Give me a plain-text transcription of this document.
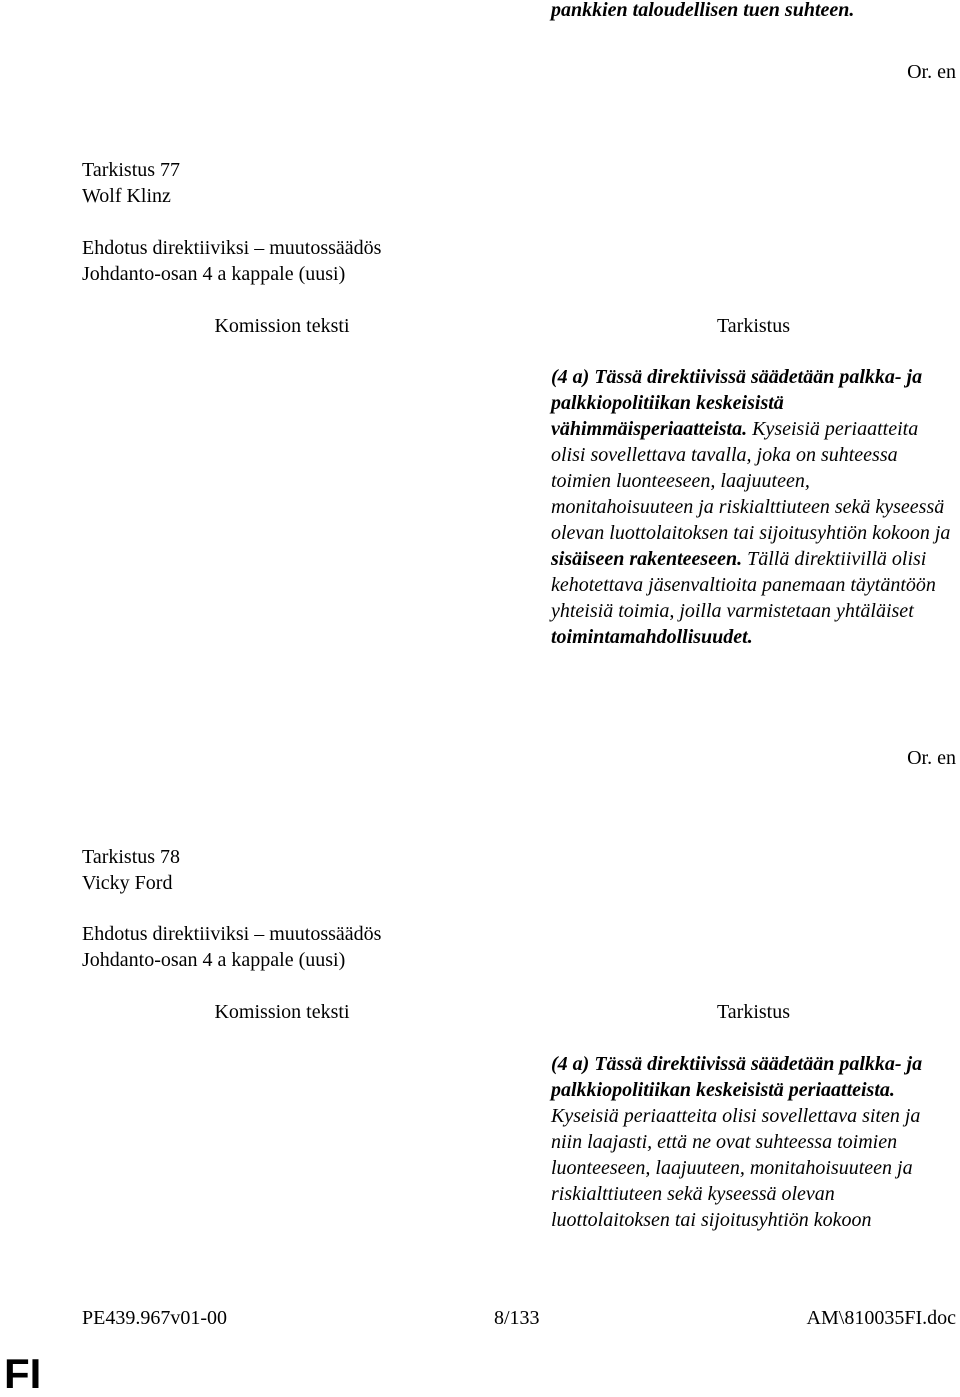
pankkien taloudellisen tuen suhteen.
Or. en
Tarkistus 77
Wolf Klinz
Ehdotus direktiiviksi – muutossäädös
Johdanto-osan 4 a kappale (uusi)
Komission teksti	Tarkistus

(4 a) Tässä direktiivissä säädetään palkka- ja palkkiopolitiikan keskeisistä vähimmäisperiaatteista. Kyseisiä periaatteita olisi sovellettava tavalla, joka on suhteessa toimien luonteeseen, laajuuteen, monitahoisuuteen ja riskialttiuteen sekä kyseessä olevan luottolaitoksen tai sijoitusyhtiön kokoon ja sisäiseen rakenteeseen. Tällä direktiivillä olisi kehotettava jäsenvaltioita panemaan täytäntöön yhteisiä toimia, joilla varmistetaan yhtäläiset toimintamahdollisuudet.

Or. en
Tarkistus 78
Vicky Ford
Ehdotus direktiiviksi – muutossäädös
Johdanto-osan 4 a kappale (uusi)
Komission teksti	Tarkistus

(4 a) Tässä direktiivissä säädetään palkka- ja palkkiopolitiikan keskeisistä periaatteista. Kyseisiä periaatteita olisi sovellettava siten ja niin laajasti, että ne ovat suhteessa toimien luonteeseen, laajuuteen, monitahoisuuteen ja riskialttiuteen sekä kyseessä olevan luottolaitoksen tai sijoitusyhtiön kokoon

PE439.967v01-00	8/133	AM\810035FI.doc
FI
